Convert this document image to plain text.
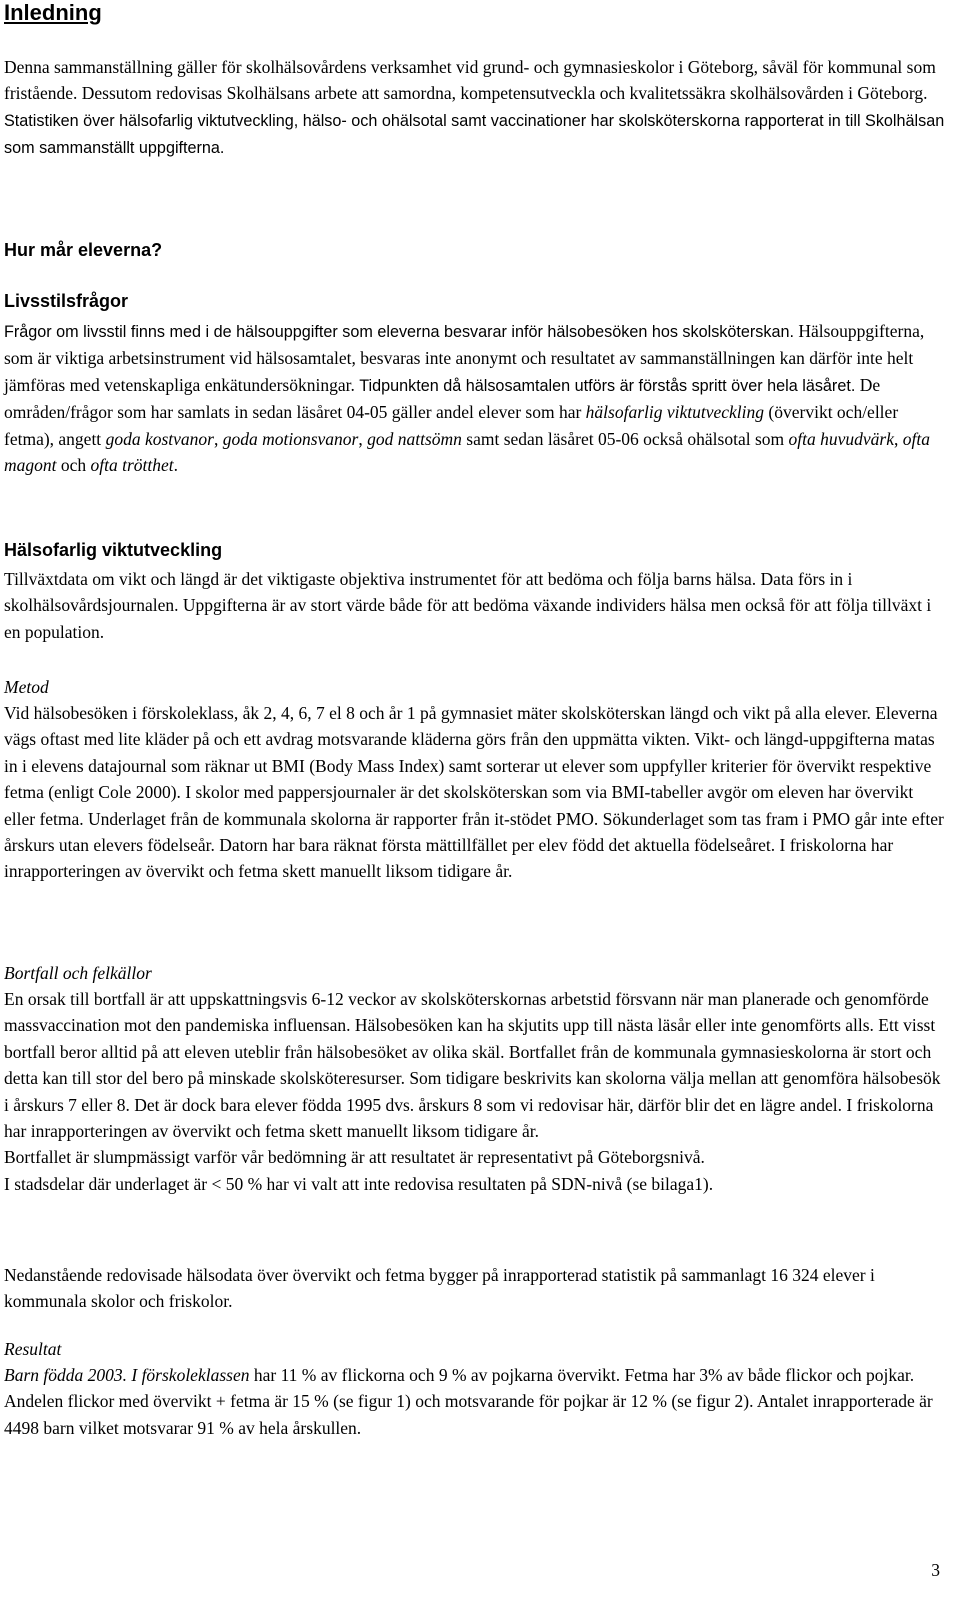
Inledning

Denna sammanställning gäller för skolhälsovårdens verksamhet vid grund- och gymnasieskolor i Göteborg, såväl för kommunal som fristående. Dessutom redovisas Skolhälsans arbete att samordna, kompetensutveckla och kvalitetssäkra skolhälsovården i Göteborg. Statistiken över hälsofarlig viktutveckling, hälso- och ohälsotal samt vaccinationer har skolsköterskorna rapporterat in till Skolhälsan som sammanställt uppgifterna.

Hur mår eleverna?
Livsstilsfrågor

Frågor om livsstil finns med i de hälsouppgifter som eleverna besvarar inför hälsobesöken hos skolsköterskan. Hälsouppgifterna, som är viktiga arbetsinstrument vid hälsosamtalet, besvaras inte anonymt och resultatet av sammanställningen kan därför inte helt jämföras med vetenskapliga enkätundersökningar. Tidpunkten då hälsosamtalen utförs är förstås spritt över hela läsåret. De områden/frågor som har samlats in sedan läsåret 04-05 gäller andel elever som har hälsofarlig viktutveckling (övervikt och/eller fetma), angett goda kostvanor, goda motionsvanor, god nattsömn samt sedan läsåret 05-06 också ohälsotal som ofta huvudvärk, ofta magont och ofta trötthet.

Hälsofarlig viktutveckling

Tillväxtdata om vikt och längd är det viktigaste objektiva instrumentet för att bedöma och följa barns hälsa. Data förs in i skolhälsovårdsjournalen. Uppgifterna är av stort värde både för att bedöma växande individers hälsa men också för att följa tillväxt i en population.

Metod

Vid hälsobesöken i förskoleklass, åk 2, 4, 6, 7 el 8 och år 1 på gymnasiet mäter skolsköterskan längd och vikt på alla elever. Eleverna vägs oftast med lite kläder på och ett avdrag motsvarande kläderna görs från den uppmätta vikten. Vikt- och längd-uppgifterna matas in i elevens datajournal som räknar ut BMI (Body Mass Index) samt sorterar ut elever som uppfyller kriterier för övervikt respektive fetma (enligt Cole 2000). I skolor med pappersjournaler är det skolsköterskan som via BMI-tabeller avgör om eleven har övervikt eller fetma. Underlaget från de kommunala skolorna är rapporter från it-stödet PMO. Sökunderlaget som tas fram i PMO går inte efter årskurs utan elevers födelseår. Datorn har bara räknat första mättillfället per elev född det aktuella födelseåret. I friskolorna har inrapporteringen av övervikt och fetma skett manuellt liksom tidigare år.

Bortfall och felkällor
En orsak till bortfall är att uppskattningsvis 6-12 veckor av skolsköterskornas arbetstid försvann när man planerade och genomförde massvaccination mot den pandemiska influensan. Hälsobesöken kan ha skjutits upp till nästa läsår eller inte genomförts alls. Ett visst bortfall beror alltid på att eleven uteblir från hälsobesöket av olika skäl. Bortfallet från de kommunala gymnasieskolorna är stort och detta kan till stor del bero på minskade skolsköteresurser. Som tidigare beskrivits kan skolorna välja mellan att genomföra hälsobesök i årskurs 7 eller 8. Det är dock bara elever födda 1995 dvs. årskurs 8 som vi redovisar här, därför blir det en lägre andel. I friskolorna har inrapporteringen av övervikt och fetma skett manuellt liksom tidigare år.
Bortfallet är slumpmässigt varför vår bedömning är att resultatet är representativt på Göteborgsnivå.
I stadsdelar där underlaget är < 50 % har vi valt att inte redovisa resultaten på SDN-nivå (se bilaga1).

Nedanstående redovisade hälsodata över övervikt och fetma bygger på inrapporterad statistik på sammanlagt 16 324 elever i kommunala skolor och friskolor.

Resultat

Barn födda 2003. I förskoleklassen har 11 % av flickorna och 9 % av pojkarna övervikt. Fetma har 3% av både flickor och pojkar. Andelen flickor med övervikt + fetma är 15 % (se figur 1) och motsvarande för pojkar är 12 % (se figur 2). Antalet inrapporterade är 4498 barn vilket motsvarar 91 % av hela årskullen.

3
